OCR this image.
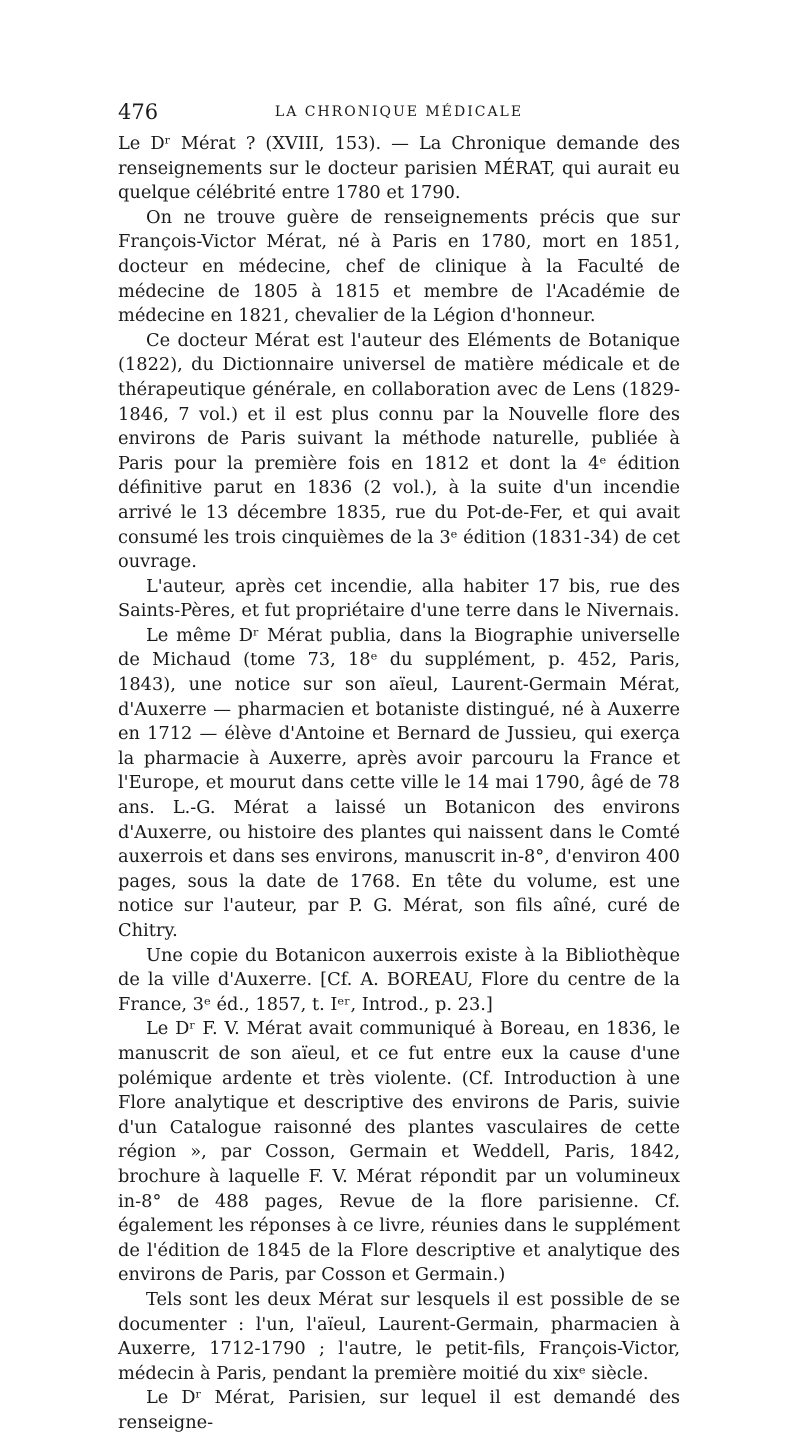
476	LA CHRONIQUE MÉDICALE

Le Dʳ Mérat ? (XVIII, 153). — La Chronique demande des renseignements sur le docteur parisien MÉRAT, qui aurait eu quelque célébrité entre 1780 et 1790.

On ne trouve guère de renseignements précis que sur François-Victor Mérat, né à Paris en 1780, mort en 1851, docteur en médecine, chef de clinique à la Faculté de médecine de 1805 à 1815 et membre de l'Académie de médecine en 1821, chevalier de la Légion d'honneur.

Ce docteur Mérat est l'auteur des Eléments de Botanique (1822), du Dictionnaire universel de matière médicale et de thérapeutique générale, en collaboration avec de Lens (1829-1846, 7 vol.) et il est plus connu par la Nouvelle flore des environs de Paris suivant la méthode naturelle, publiée à Paris pour la première fois en 1812 et dont la 4ᵉ édition définitive parut en 1836 (2 vol.), à la suite d'un incendie arrivé le 13 décembre 1835, rue du Pot-de-Fer, et qui avait consumé les trois cinquièmes de la 3ᵉ édition (1831-34) de cet ouvrage.

L'auteur, après cet incendie, alla habiter 17 bis, rue des Saints-Pères, et fut propriétaire d'une terre dans le Nivernais.

Le même Dʳ Mérat publia, dans la Biographie universelle de Michaud (tome 73, 18ᵉ du supplément, p. 452, Paris, 1843), une notice sur son aïeul, Laurent-Germain Mérat, d'Auxerre — pharmacien et botaniste distingué, né à Auxerre en 1712 — élève d'Antoine et Bernard de Jussieu, qui exerça la pharmacie à Auxerre, après avoir parcouru la France et l'Europe, et mourut dans cette ville le 14 mai 1790, âgé de 78 ans. L.-G. Mérat a laissé un Botanicon des environs d'Auxerre, ou histoire des plantes qui naissent dans le Comté auxerrois et dans ses environs, manuscrit in-8°, d'environ 400 pages, sous la date de 1768. En tête du volume, est une notice sur l'auteur, par P. G. Mérat, son fils aîné, curé de Chitry.

Une copie du Botanicon auxerrois existe à la Bibliothèque de la ville d'Auxerre. [Cf. A. BOREAU, Flore du centre de la France, 3ᵉ éd., 1857, t. Iᵉʳ, Introd., p. 23.]

Le Dʳ F. V. Mérat avait communiqué à Boreau, en 1836, le manuscrit de son aïeul, et ce fut entre eux la cause d'une polémique ardente et très violente. (Cf. Introduction à une Flore analytique et descriptive des environs de Paris, suivie d'un Catalogue raisonné des plantes vasculaires de cette région », par Cosson, Germain et Weddell, Paris, 1842, brochure à laquelle F. V. Mérat répondit par un volumineux in-8° de 488 pages, Revue de la flore parisienne. Cf. également les réponses à ce livre, réunies dans le supplément de l'édition de 1845 de la Flore descriptive et analytique des environs de Paris, par Cosson et Germain.)

Tels sont les deux Mérat sur lesquels il est possible de se documenter : l'un, l'aïeul, Laurent-Germain, pharmacien à Auxerre, 1712-1790 ; l'autre, le petit-fils, François-Victor, médecin à Paris, pendant la première moitié du xixᵉ siècle.

Le Dʳ Mérat, Parisien, sur lequel il est demandé des renseigne-
